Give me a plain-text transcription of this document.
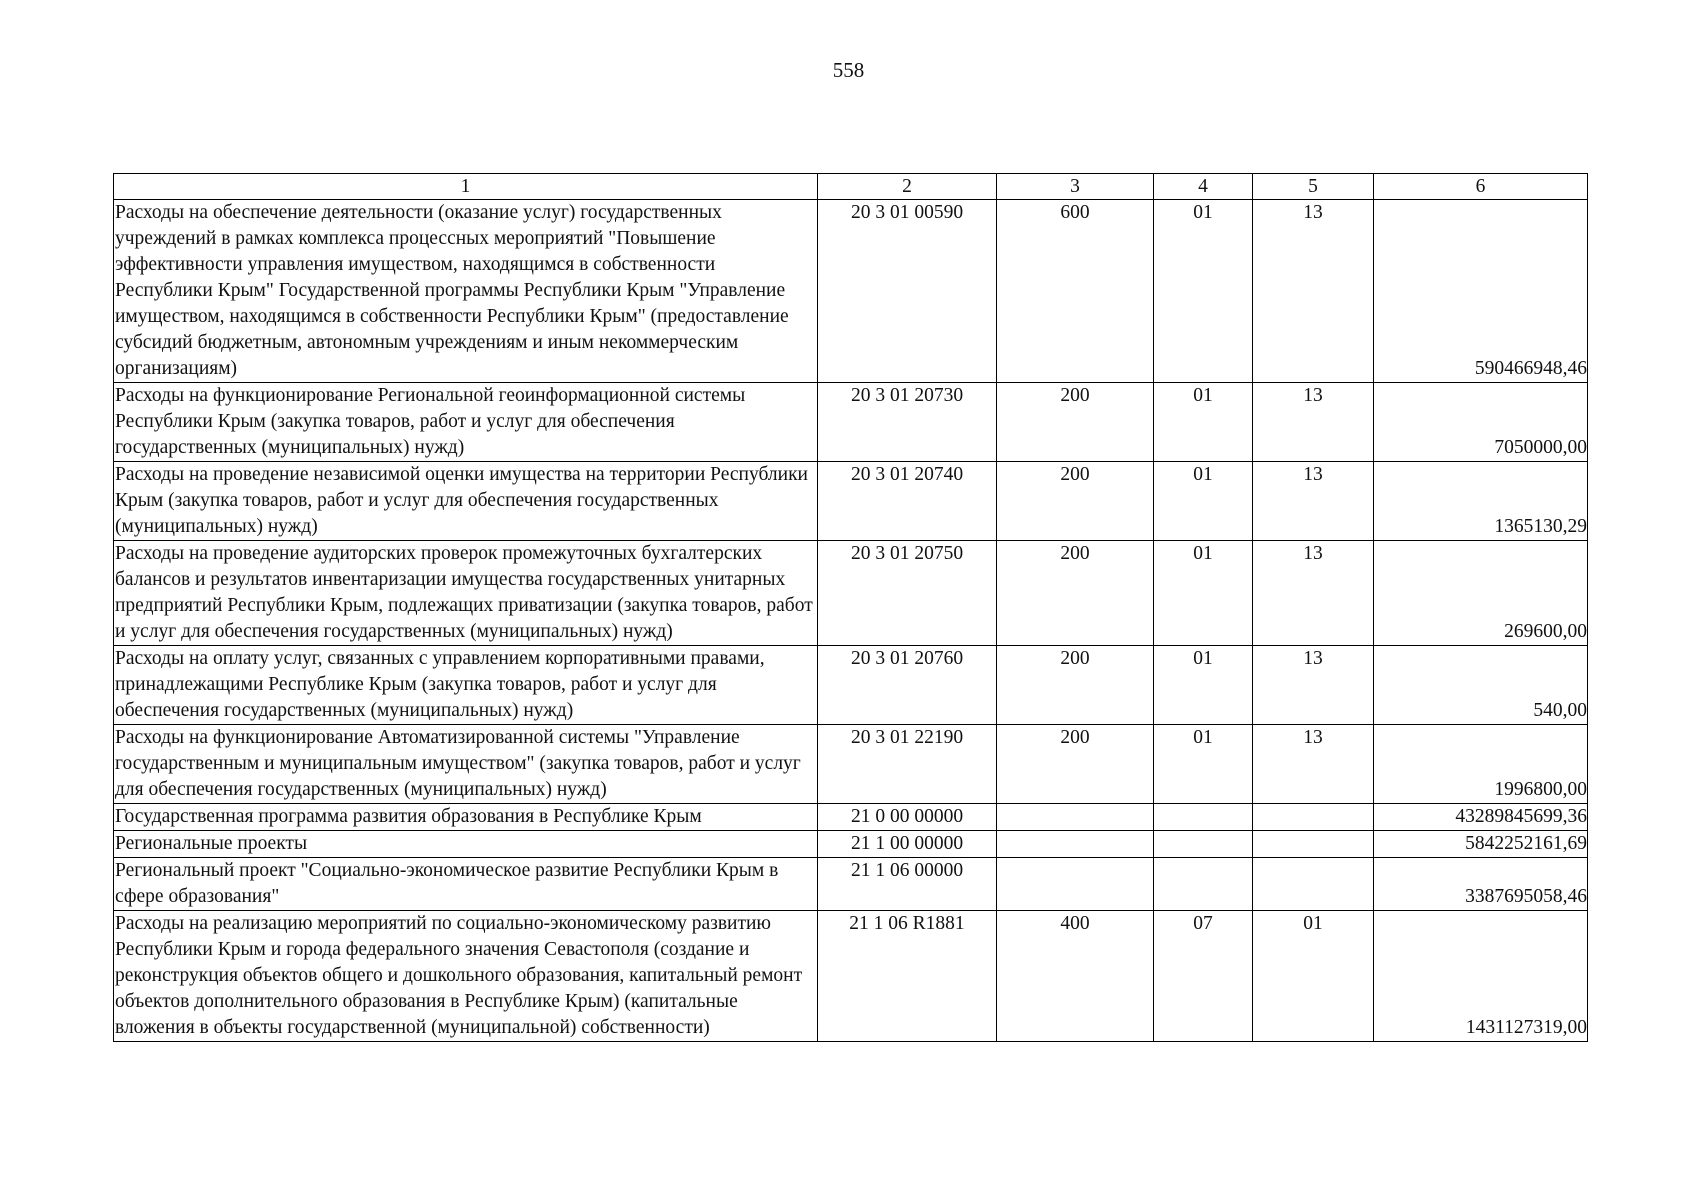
558
1	2	3	4	5	6
Расходы на обеспечение деятельности (оказание услуг) государственных учреждений в рамках комплекса процессных мероприятий "Повышение эффективности управления имуществом, находящимся в собственности Республики Крым" Государственной программы Республики Крым "Управление имуществом, находящимся в собственности Республики Крым" (предоставление субсидий бюджетным, автономным учреждениям и иным некоммерческим организациям)	20 3 01 00590	600	01	13	590466948,46
Расходы на функционирование Региональной геоинформационной системы Республики Крым (закупка товаров, работ и услуг для обеспечения государственных (муниципальных) нужд)	20 3 01 20730	200	01	13	7050000,00
Расходы на проведение независимой оценки имущества на территории Республики Крым (закупка товаров, работ и услуг для обеспечения государственных (муниципальных) нужд)	20 3 01 20740	200	01	13	1365130,29
Расходы на проведение аудиторских проверок промежуточных бухгалтерских балансов и результатов инвентаризации имущества государственных унитарных предприятий Республики Крым, подлежащих приватизации (закупка товаров, работ и услуг для обеспечения государственных (муниципальных) нужд)	20 3 01 20750	200	01	13	269600,00
Расходы на оплату услуг, связанных с управлением корпоративными правами, принадлежащими Республике Крым (закупка товаров, работ и услуг для обеспечения государственных (муниципальных) нужд)	20 3 01 20760	200	01	13	540,00
Расходы на функционирование Автоматизированной системы "Управление государственным и муниципальным имуществом" (закупка товаров, работ и услуг для обеспечения государственных (муниципальных) нужд)	20 3 01 22190	200	01	13	1996800,00
Государственная программа развития образования в Республике Крым	21 0 00 00000				43289845699,36
Региональные проекты	21 1 00 00000				5842252161,69
Региональный проект "Социально-экономическое развитие Республики Крым в сфере образования"	21 1 06 00000				3387695058,46
Расходы на реализацию мероприятий по социально-экономическому развитию Республики Крым и города федерального значения Севастополя (создание и реконструкция объектов общего и дошкольного образования, капитальный ремонт объектов дополнительного образования в Республике Крым) (капитальные вложения в объекты государственной (муниципальной) собственности)	21 1 06 R1881	400	07	01	1431127319,00
